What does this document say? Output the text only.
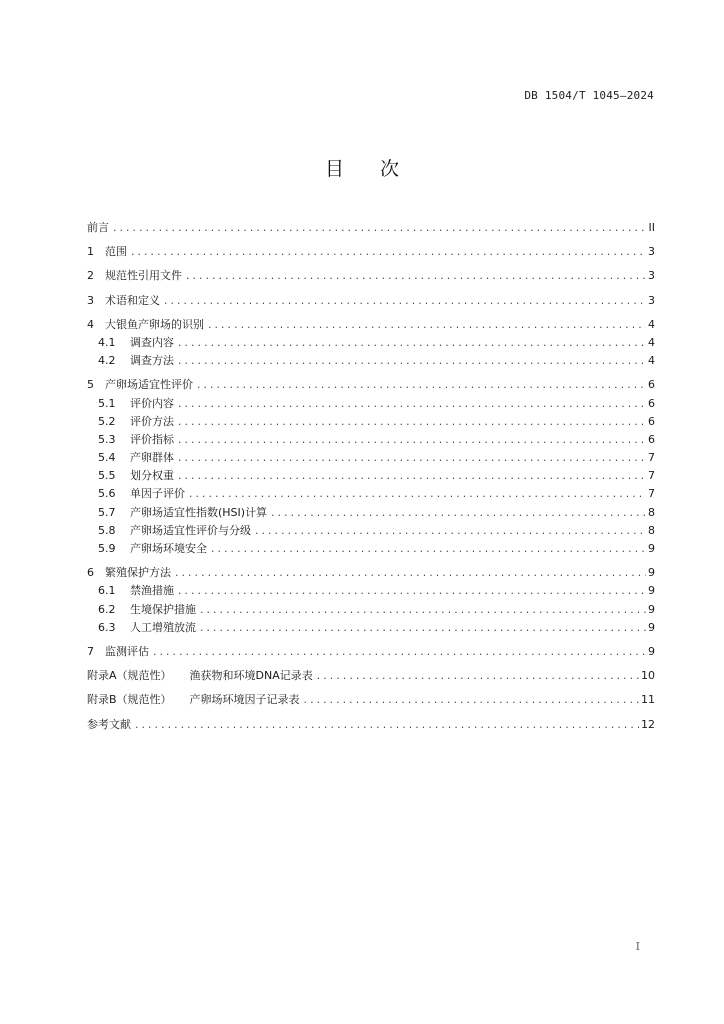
DB 1504/T 1045—2024
目次
前言 .....	II
1	范围 .....	3
2	规范性引用文件 .....	3
3	术语和定义 .....	3
4	大银鱼产卵场的识别 .....	4
4.1	调查内容 .....	4
4.2	调查方法 .....	4
5	产卵场适宜性评价 .....	6
5.1	评价内容 .....	6
5.2	评价方法 .....	6
5.3	评价指标 .....	6
5.4	产卵群体 .....	7
5.5	划分权重 .....	7
5.6	单因子评价 .....	7
5.7	产卵场适宜性指数(HSI)计算 .....	8
5.8	产卵场适宜性评价与分级 .....	8
5.9	产卵场环境安全 .....	9
6	繁殖保护方法 .....	9
6.1	禁渔措施 .....	9
6.2	生境保护措施 .....	9
6.3	人工增殖放流 .....	9
7	监测评估 .....	9
附录A（规范性） 渔获物和环境DNA记录表 .....	10
附录B（规范性） 产卵场环境因子记录表 .....	11
参考文献 .....	12
I
